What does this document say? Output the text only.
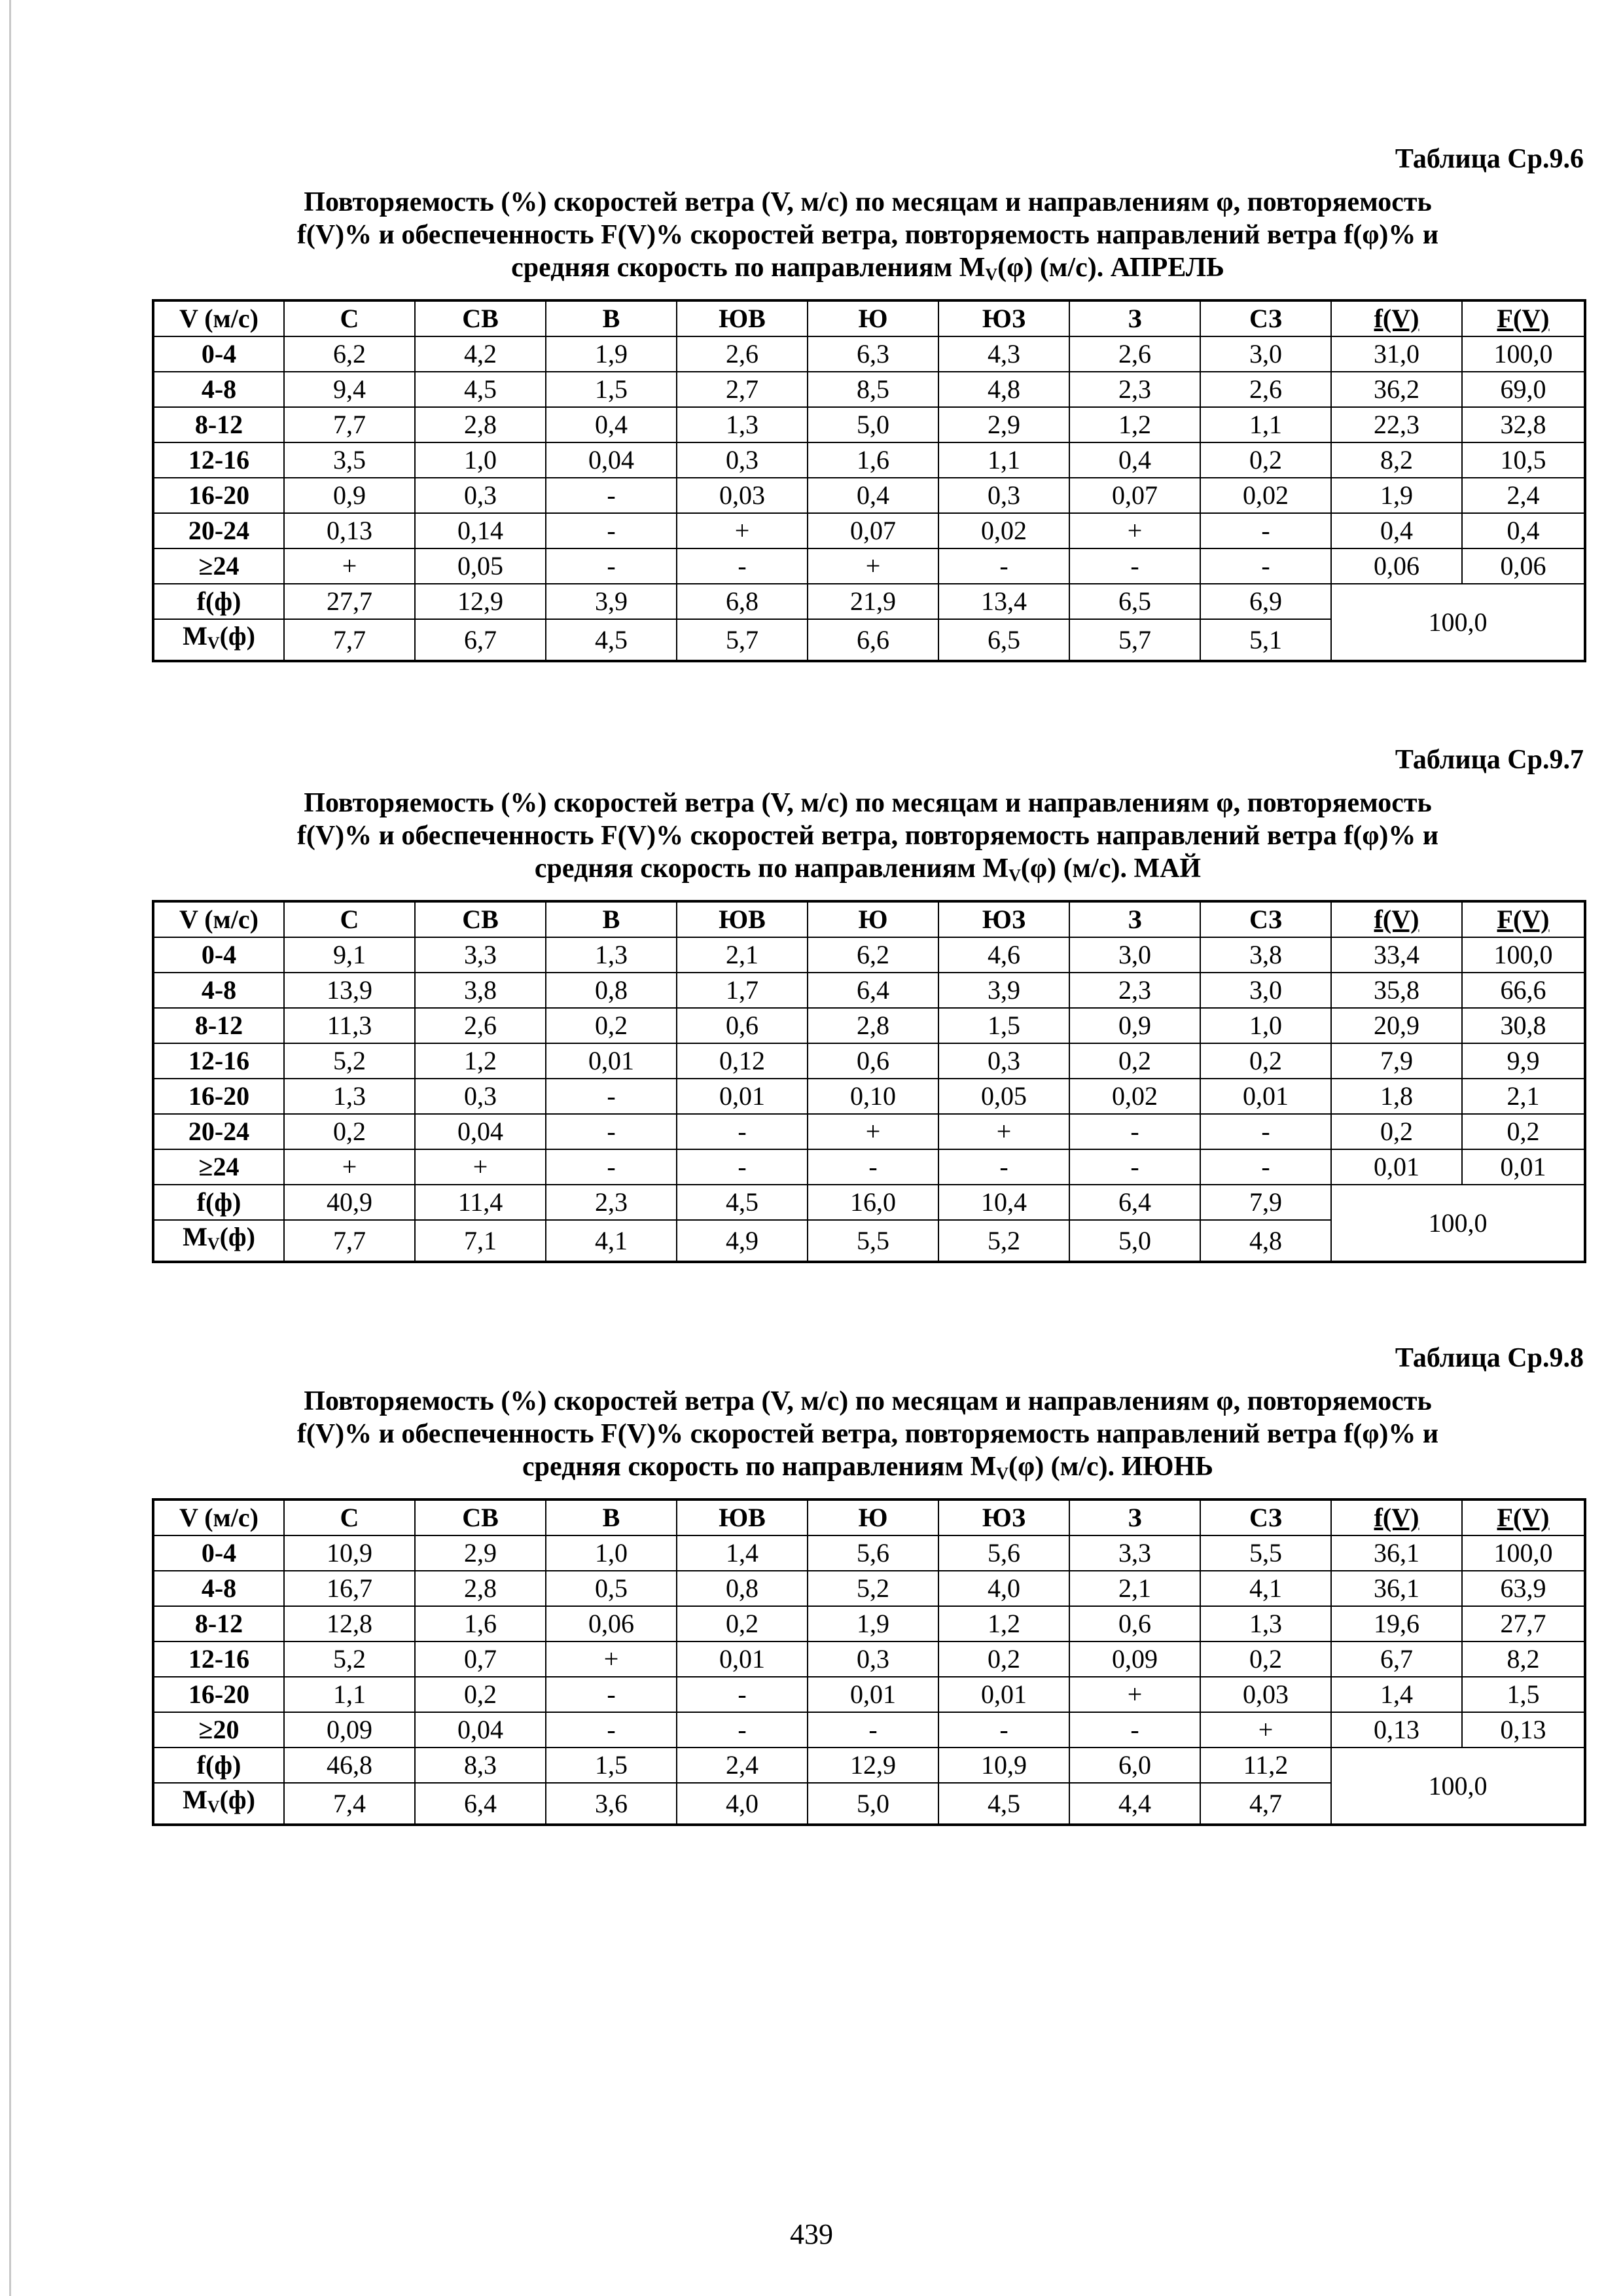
Таблица Ср.9.6
Повторяемость (%) скоростей ветра (V, м/с) по месяцам и направлениям φ, повторяемость
f(V)% и обеспеченность F(V)% скоростей ветра, повторяемость направлений ветра f(φ)% и
средняя скорость по направлениям $M_V(\varphi)$ (м/с). АПРЕЛЬ
V (м/с)	С	СВ	В	ЮВ	Ю	ЮЗ	З	СЗ	f(V)	F(V)
0-4	6,2	4,2	1,9	2,6	6,3	4,3	2,6	3,0	31,0	100,0
4-8	9,4	4,5	1,5	2,7	8,5	4,8	2,3	2,6	36,2	69,0
8-12	7,7	2,8	0,4	1,3	5,0	2,9	1,2	1,1	22,3	32,8
12-16	3,5	1,0	0,04	0,3	1,6	1,1	0,4	0,2	8,2	10,5
16-20	0,9	0,3	-	0,03	0,4	0,3	0,07	0,02	1,9	2,4
20-24	0,13	0,14	-	+	0,07	0,02	+	-	0,4	0,4
≥24	+	0,05	-	-	+	-	-	-	0,06	0,06
f(ф)	27,7	12,9	3,9	6,8	21,9	13,4	6,5	6,9	100,0	
$M_V(ф)$	7,7	6,7	4,5	5,7	6,6	6,5	5,7	5,1		
Таблица Ср.9.7
Повторяемость (%) скоростей ветра (V, м/с) по месяцам и направлениям φ, повторяемость
f(V)% и обеспеченность F(V)% скоростей ветра, повторяемость направлений ветра f(φ)% и
средняя скорость по направлениям $M_V(\varphi)$ (м/с). МАЙ
V (м/с)	С	СВ	В	ЮВ	Ю	ЮЗ	З	СЗ	f(V)	F(V)
0-4	9,1	3,3	1,3	2,1	6,2	4,6	3,0	3,8	33,4	100,0
4-8	13,9	3,8	0,8	1,7	6,4	3,9	2,3	3,0	35,8	66,6
8-12	11,3	2,6	0,2	0,6	2,8	1,5	0,9	1,0	20,9	30,8
12-16	5,2	1,2	0,01	0,12	0,6	0,3	0,2	0,2	7,9	9,9
16-20	1,3	0,3	-	0,01	0,10	0,05	0,02	0,01	1,8	2,1
20-24	0,2	0,04	-	-	+	+	-	-	0,2	0,2
≥24	+	+	-	-	-	-	-	-	0,01	0,01
f(ф)	40,9	11,4	2,3	4,5	16,0	10,4	6,4	7,9	100,0	
$M_V(ф)$	7,7	7,1	4,1	4,9	5,5	5,2	5,0	4,8		
Таблица Ср.9.8
Повторяемость (%) скоростей ветра (V, м/с) по месяцам и направлениям φ, повторяемость
f(V)% и обеспеченность F(V)% скоростей ветра, повторяемость направлений ветра f(φ)% и
средняя скорость по направлениям $M_V(\varphi)$ (м/с). ИЮНЬ
V (м/с)	С	СВ	В	ЮВ	Ю	ЮЗ	З	СЗ	f(V)	F(V)
0-4	10,9	2,9	1,0	1,4	5,6	5,6	3,3	5,5	36,1	100,0
4-8	16,7	2,8	0,5	0,8	5,2	4,0	2,1	4,1	36,1	63,9
8-12	12,8	1,6	0,06	0,2	1,9	1,2	0,6	1,3	19,6	27,7
12-16	5,2	0,7	+	0,01	0,3	0,2	0,09	0,2	6,7	8,2
16-20	1,1	0,2	-	-	0,01	0,01	+	0,03	1,4	1,5
≥20	0,09	0,04	-	-	-	-	-	+	0,13	0,13
f(ф)	46,8	8,3	1,5	2,4	12,9	10,9	6,0	11,2	100,0	
$M_V(ф)$	7,4	6,4	3,6	4,0	5,0	4,5	4,4	4,7		
439
